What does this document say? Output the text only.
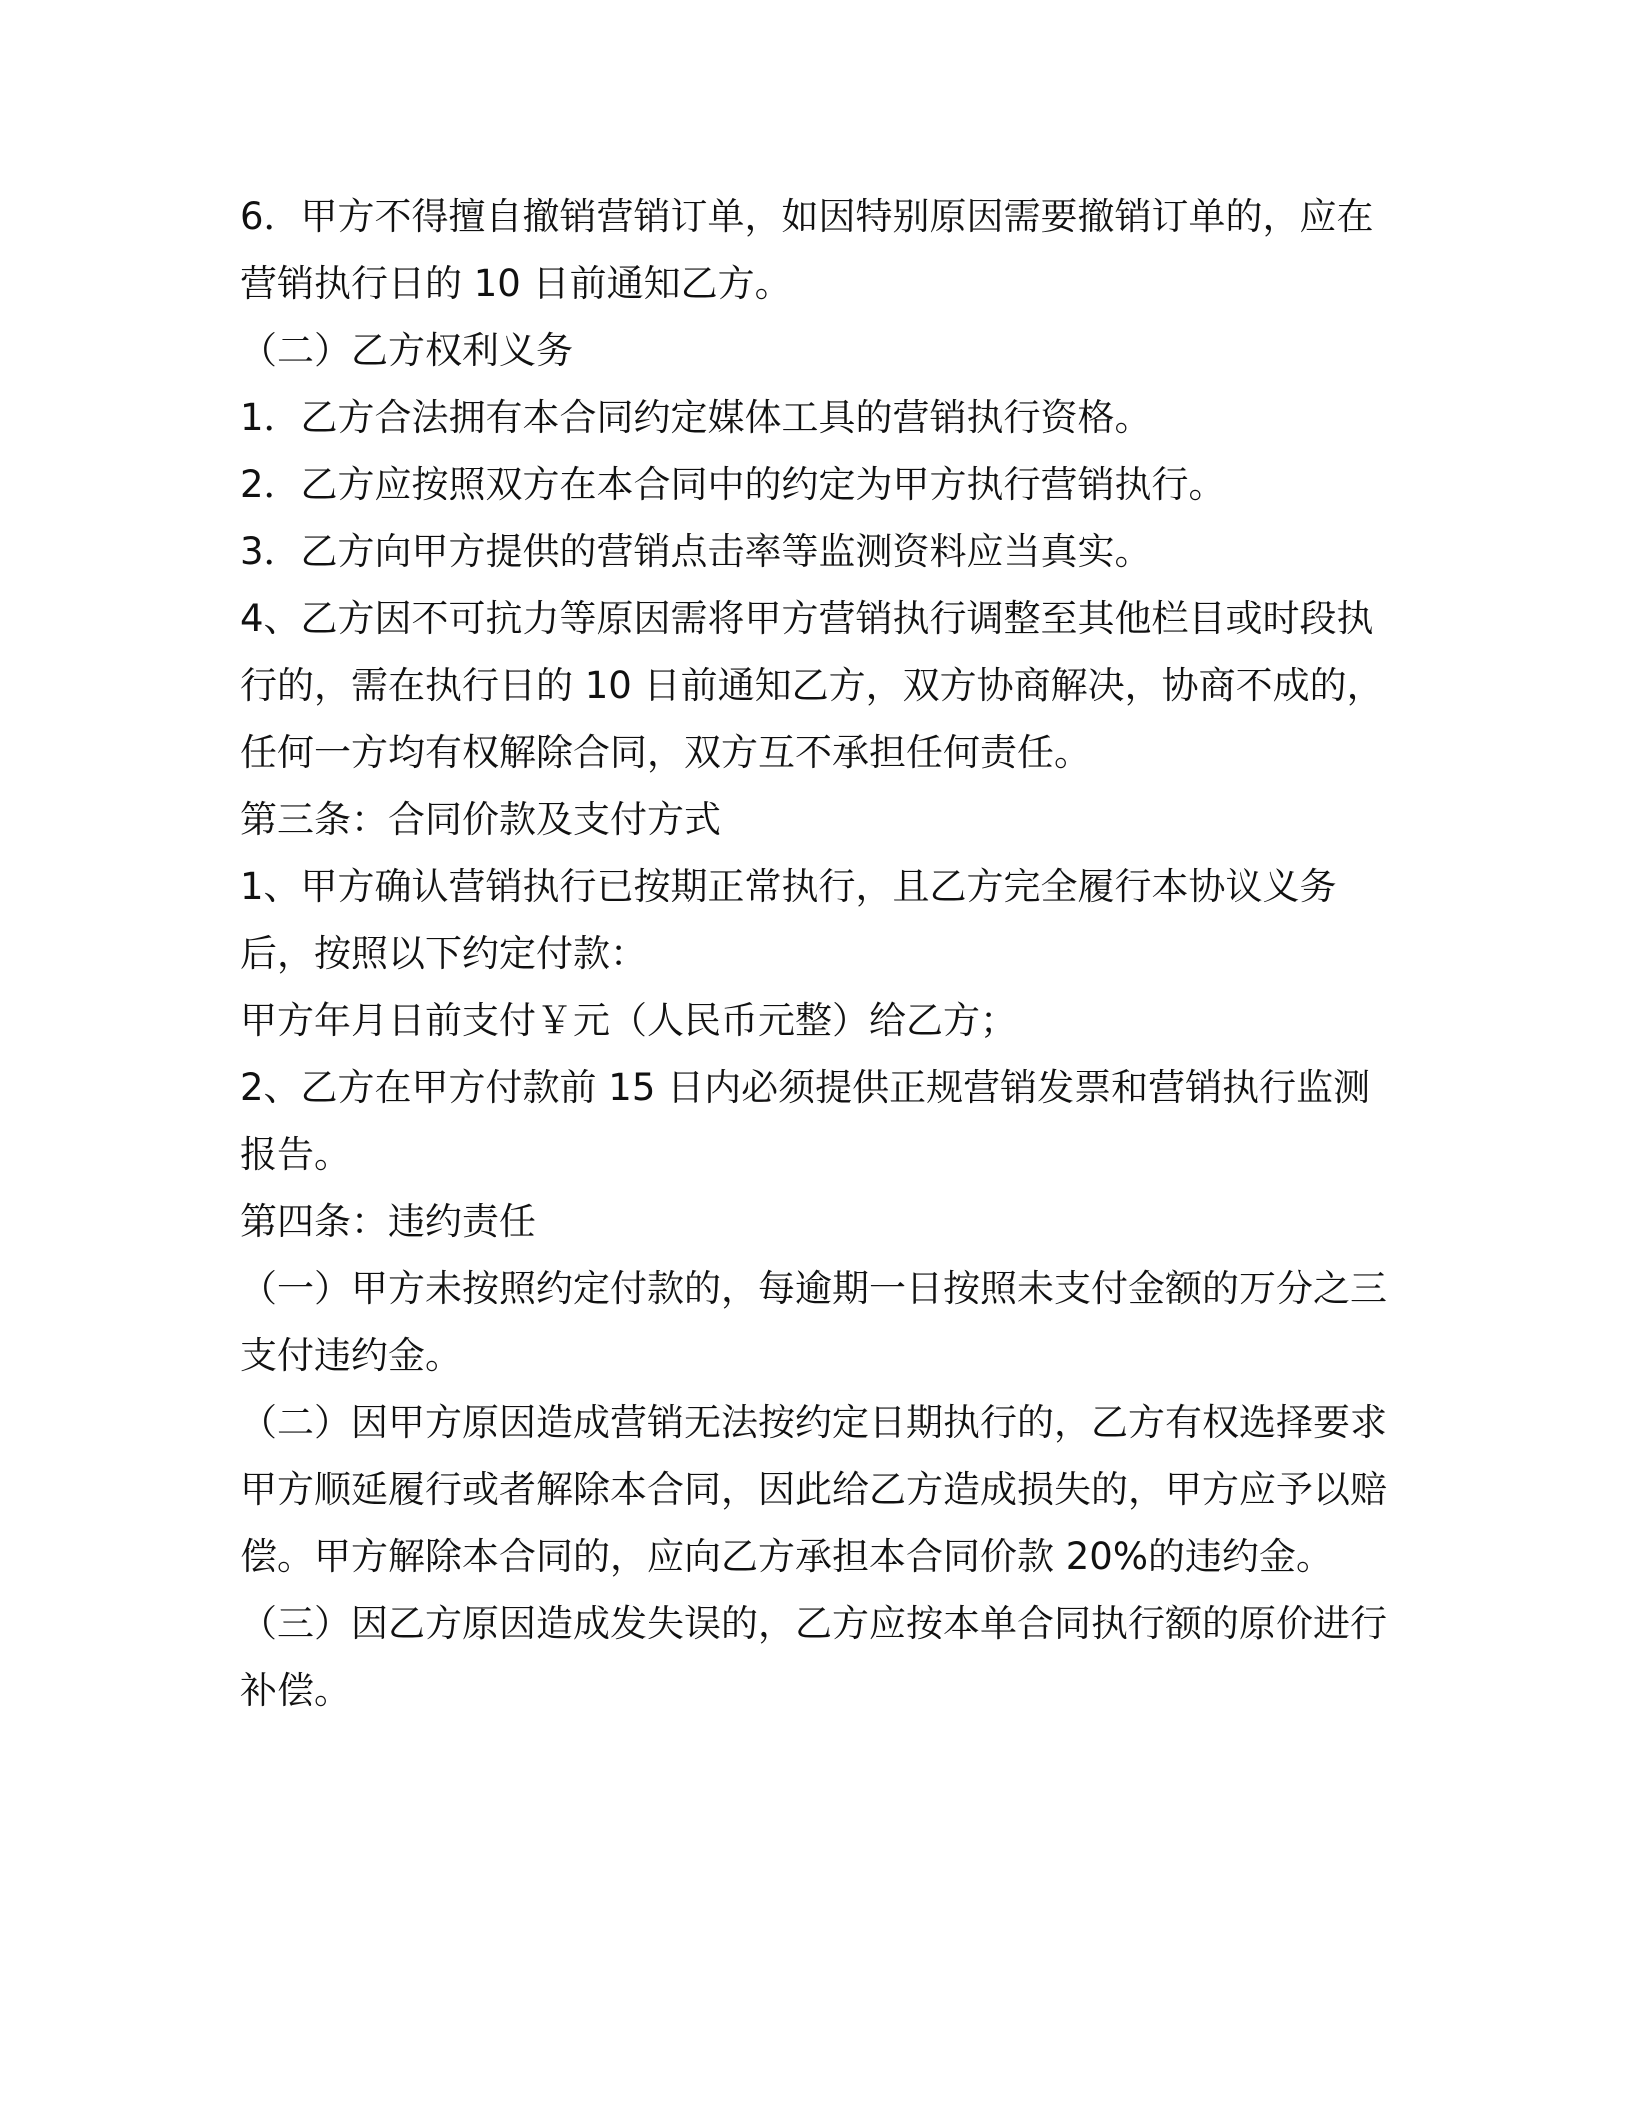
6．甲方不得擅自撤销营销订单，如因特别原因需要撤销订单的，应在营销执行日的 10 日前通知乙方。

（二）乙方权利义务

1．乙方合法拥有本合同约定媒体工具的营销执行资格。

2．乙方应按照双方在本合同中的约定为甲方执行营销执行。

3．乙方向甲方提供的营销点击率等监测资料应当真实。

4、乙方因不可抗力等原因需将甲方营销执行调整至其他栏目或时段执行的，需在执行日的 10 日前通知乙方，双方协商解决，协商不成的，任何一方均有权解除合同，双方互不承担任何责任。

第三条：合同价款及支付方式

1、甲方确认营销执行已按期正常执行，且乙方完全履行本协议义务后，按照以下约定付款：

甲方年月日前支付￥元（人民币元整）给乙方；

2、乙方在甲方付款前 15 日内必须提供正规营销发票和营销执行监测报告。

第四条：违约责任

（一）甲方未按照约定付款的，每逾期一日按照未支付金额的万分之三支付违约金。

（二）因甲方原因造成营销无法按约定日期执行的，乙方有权选择要求甲方顺延履行或者解除本合同，因此给乙方造成损失的，甲方应予以赔偿。甲方解除本合同的，应向乙方承担本合同价款 20%的违约金。

（三）因乙方原因造成发失误的，乙方应按本单合同执行额的原价进行补偿。
